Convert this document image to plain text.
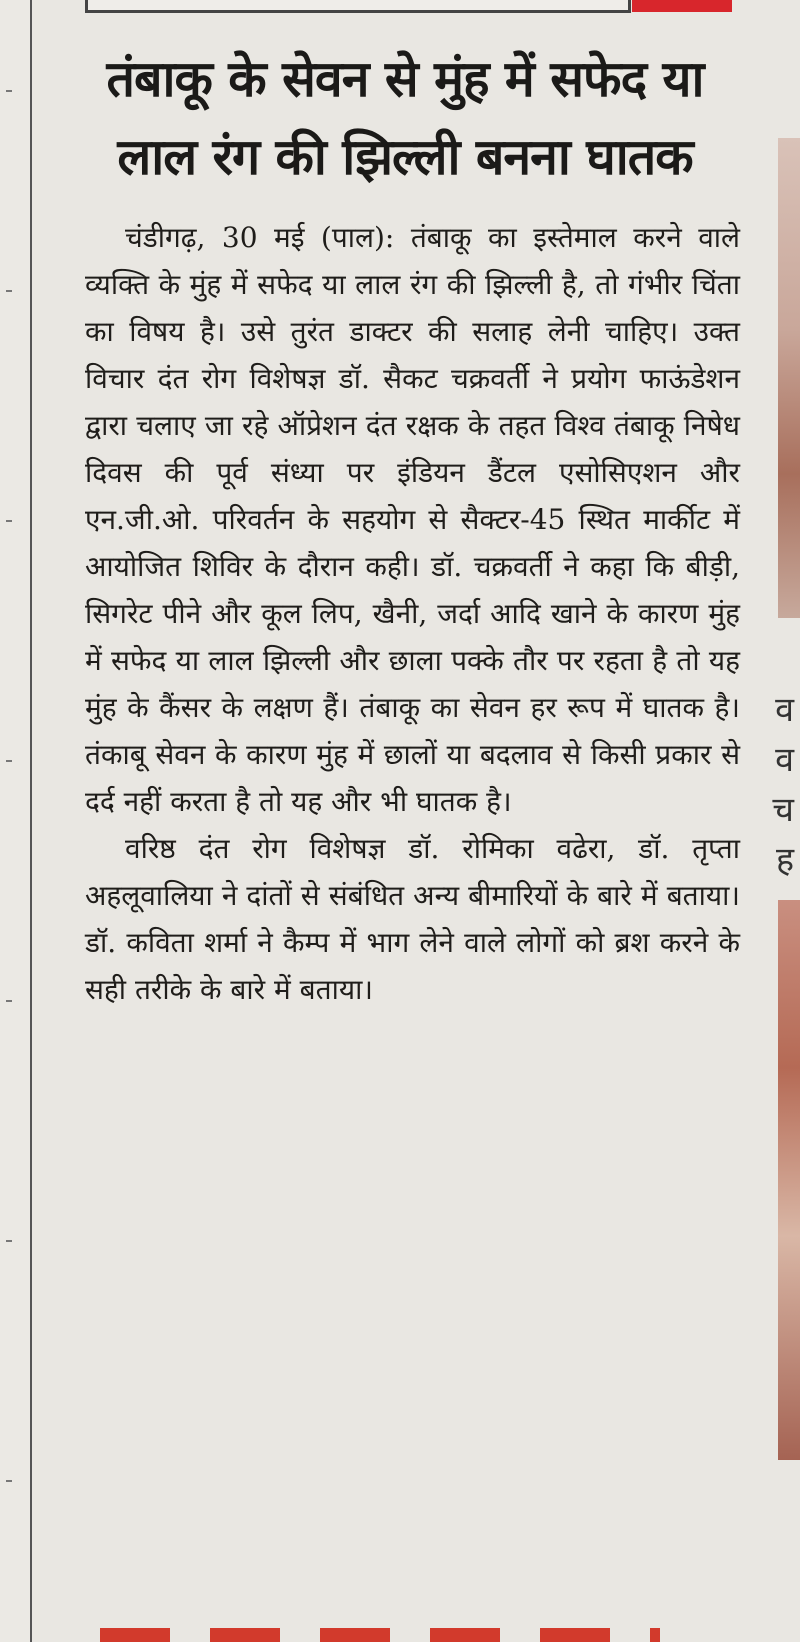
व
व
च
ह
तंबाकू के सेवन से मुंह में सफेद या लाल रंग की झिल्ली बनना घातक

चंडीगढ़, 30 मई (पाल): तंबाकू का इस्तेमाल करने वाले व्यक्ति के मुंह में सफेद या लाल रंग की झिल्ली है, तो गंभीर चिंता का विषय है। उसे तुरंत डाक्टर की सलाह लेनी चाहिए। उक्त विचार दंत रोग विशेषज्ञ डॉ. सैकट चक्रवर्ती ने प्रयोग फाऊंडेशन द्वारा चलाए जा रहे ऑप्रेशन दंत रक्षक के तहत विश्व तंबाकू निषेध दिवस की पूर्व संध्या पर इंडियन डैंटल एसोसिएशन और एन.जी.ओ. परिवर्तन के सहयोग से सैक्टर-45 स्थित मार्कीट में आयोजित शिविर के दौरान कही। डॉ. चक्रवर्ती ने कहा कि बीड़ी, सिगरेट पीने और कूल लिप, खैनी, जर्दा आदि खाने के कारण मुंह में सफेद या लाल झिल्ली और छाला पक्के तौर पर रहता है तो यह मुंह के कैंसर के लक्षण हैं। तंबाकू का सेवन हर रूप में घातक है। तंकाबू सेवन के कारण मुंह में छालों या बदलाव से किसी प्रकार से दर्द नहीं करता है तो यह और भी घातक है।

वरिष्ठ दंत रोग विशेषज्ञ डॉ. रोमिका वढेरा, डॉ. तृप्ता अहलूवालिया ने दांतों से संबंधित अन्य बीमारियों के बारे में बताया। डॉ. कविता शर्मा ने कैम्प में भाग लेने वाले लोगों को ब्रश करने के सही तरीके के बारे में बताया।
